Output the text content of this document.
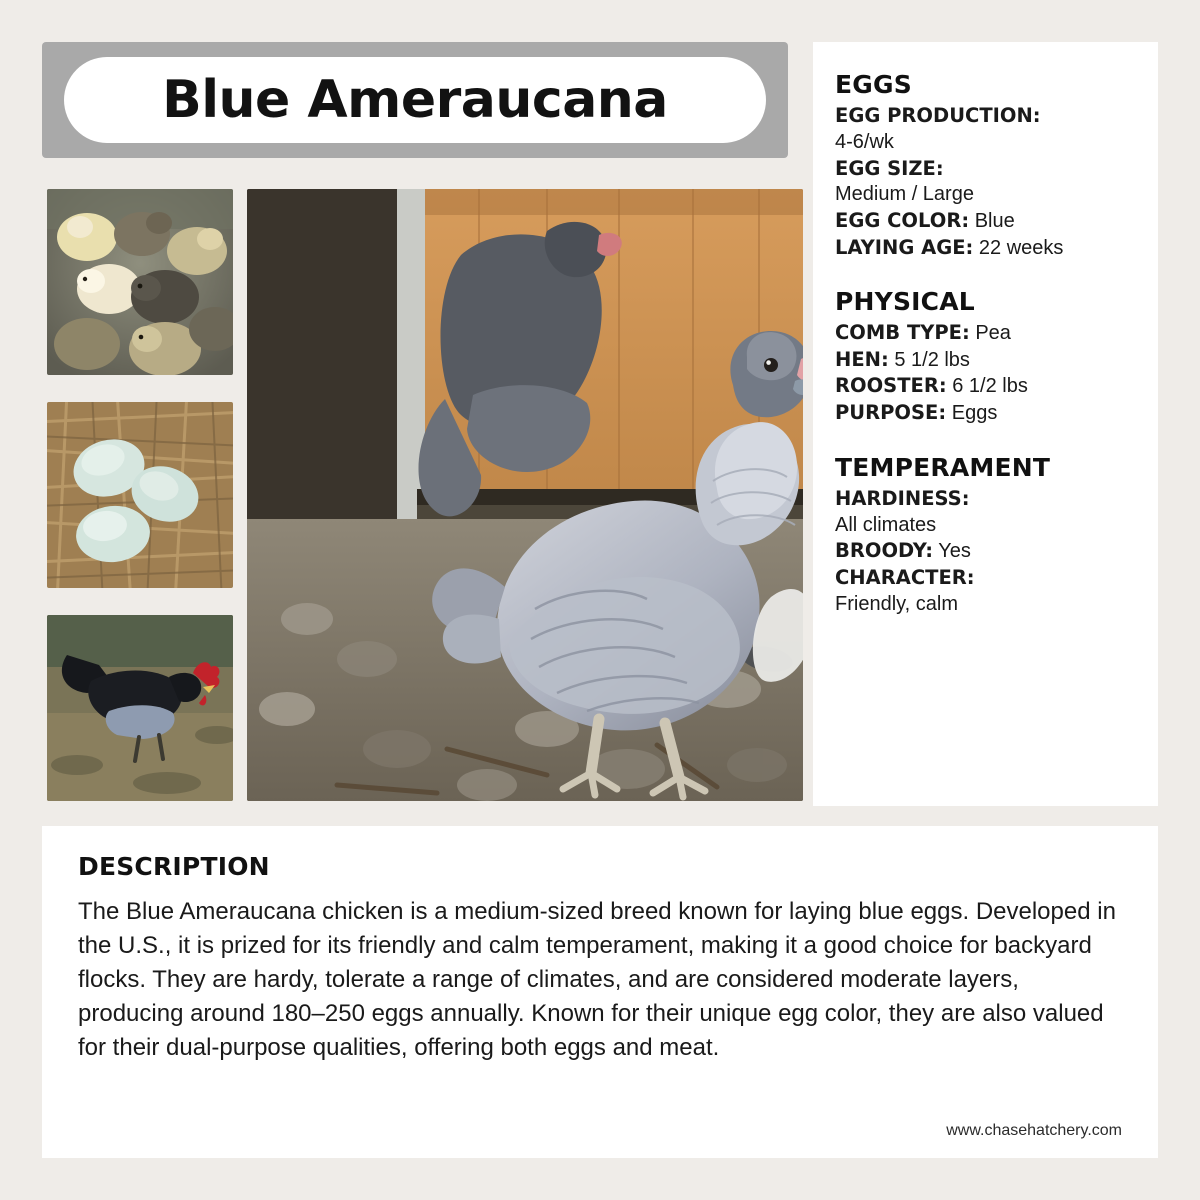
Blue Ameraucana	EGGS

EGG PRODUCTION:
4-6/wk

EGG SIZE:
Medium / Large

EGG COLOR: Blue

LAYING AGE: 22 weeks

PHYSICAL

COMB TYPE: Pea

HEN: 5 1/2 lbs

ROOSTER: 6 1/2 lbs

PURPOSE: Eggs

TEMPERAMENT

HARDINESS:
All climates

BROODY: Yes

CHARACTER:
Friendly, calm

DESCRIPTION

The Blue Ameraucana chicken is a medium-sized breed known for laying blue eggs. Developed in the U.S., it is prized for its friendly and calm temperament, making it a good choice for backyard flocks. They are hardy, tolerate a range of climates, and are considered moderate layers, producing around 180–250 eggs annually. Known for their unique egg color, they are also valued for their dual-purpose qualities, offering both eggs and meat.

www.chasehatchery.com
